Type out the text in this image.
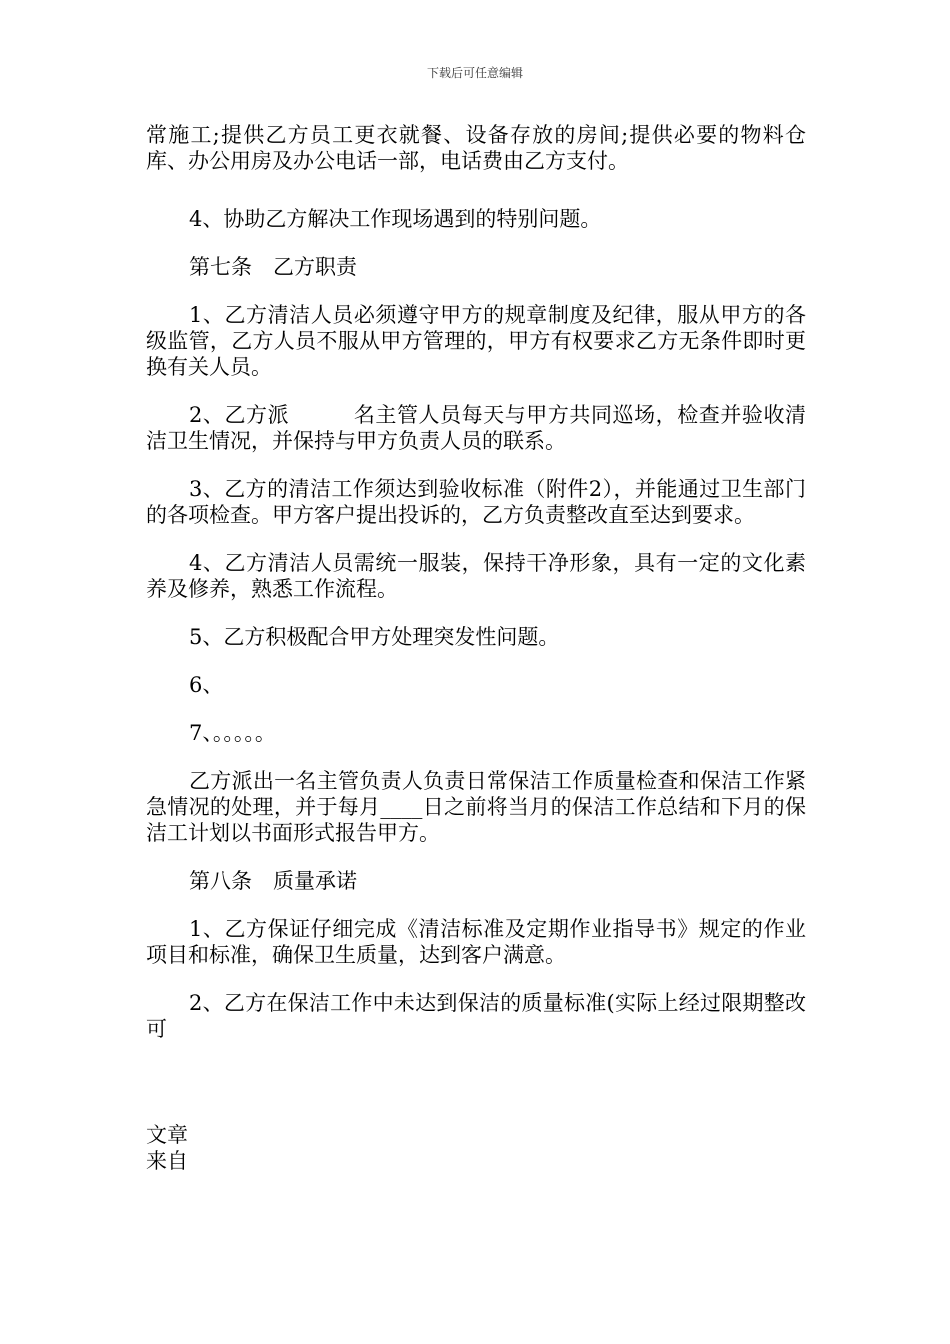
下载后可任意编辑

常施工;提供乙方员工更衣就餐、设备存放的房间;提供必要的物料仓库、办公用房及办公电话一部，电话费由乙方支付。

4、协助乙方解决工作现场遇到的特别问题。

第七条　乙方职责

1、乙方清洁人员必须遵守甲方的规章制度及纪律，服从甲方的各级监管，乙方人员不服从甲方管理的，甲方有权要求乙方无条件即时更换有关人员。

2、乙方派　　　名主管人员每天与甲方共同巡场，检查并验收清洁卫生情况，并保持与甲方负责人员的联系。

3、乙方的清洁工作须达到验收标准（附件2），并能通过卫生部门的各项检查。甲方客户提出投诉的，乙方负责整改直至达到要求。

4、乙方清洁人员需统一服装，保持干净形象，具有一定的文化素养及修养，熟悉工作流程。

5、乙方积极配合甲方处理突发性问题。

6、

7、。。。。。

乙方派出一名主管负责人负责日常保洁工作质量检查和保洁工作紧急情况的处理，并于每月____日之前将当月的保洁工作总结和下月的保洁工计划以书面形式报告甲方。

第八条　质量承诺

1、乙方保证仔细完成《清洁标准及定期作业指导书》规定的作业项目和标准，确保卫生质量，达到客户满意。

2、乙方在保洁工作中未达到保洁的质量标准(实际上经过限期整改可

文章

来自
